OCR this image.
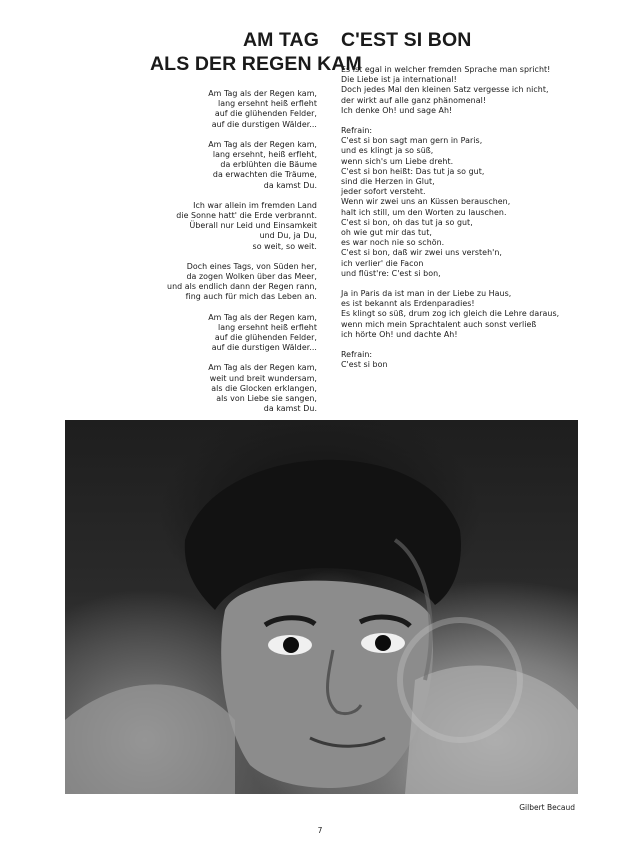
AM TAG
ALS DER REGEN KAM
Am Tag als der Regen kam,
lang ersehnt heiß erfleht
auf die glühenden Felder,
auf die durstigen Wälder...
Am Tag als der Regen kam,
lang ersehnt, heiß erfleht,
da erblühten die Bäume
da erwachten die Träume,
da kamst Du.
Ich war allein im fremden Land
die Sonne hatt' die Erde verbrannt.
Überall nur Leid und Einsamkeit
und Du, ja Du,
so weit, so weit.
Doch eines Tags, von Süden her,
da zogen Wolken über das Meer,
und als endlich dann der Regen rann,
fing auch für mich das Leben an.
Am Tag als der Regen kam,
lang ersehnt heiß erfleht
auf die glühenden Felder,
auf die durstigen Wälder...
Am Tag als der Regen kam,
weit und breit wundersam,
als die Glocken erklangen,
als von Liebe sie sangen,
da kamst Du.
C'EST SI BON
Es ist egal in welcher fremden Sprache man spricht!
Die Liebe ist ja international!
Doch jedes Mal den kleinen Satz vergesse ich nicht,
der wirkt auf alle ganz phänomenal!
Ich denke Oh! und sage Ah!
Refrain:
C'est si bon sagt man gern in Paris,
und es klingt ja so süß,
wenn sich's um Liebe dreht.
C'est si bon heißt: Das tut ja so gut,
sind die Herzen in Glut,
jeder sofort versteht.
Wenn wir zwei uns an Küssen berauschen,
halt ich still, um den Worten zu lauschen.
C'est si bon, oh das tut ja so gut,
oh wie gut mir das tut,
es war noch nie so schön.
C'est si bon, daß wir zwei uns versteh'n,
ich verlier' die Facon
und flüst're: C'est si bon,
Ja in Paris da ist man in der Liebe zu Haus,
es ist bekannt als Erdenparadies!
Es klingt so süß, drum zog ich gleich die Lehre daraus,
wenn mich mein Sprachtalent auch sonst verließ
ich hörte Oh! und dachte Ah!
Refrain:
C'est si bon
Gilbert Becaud
7
